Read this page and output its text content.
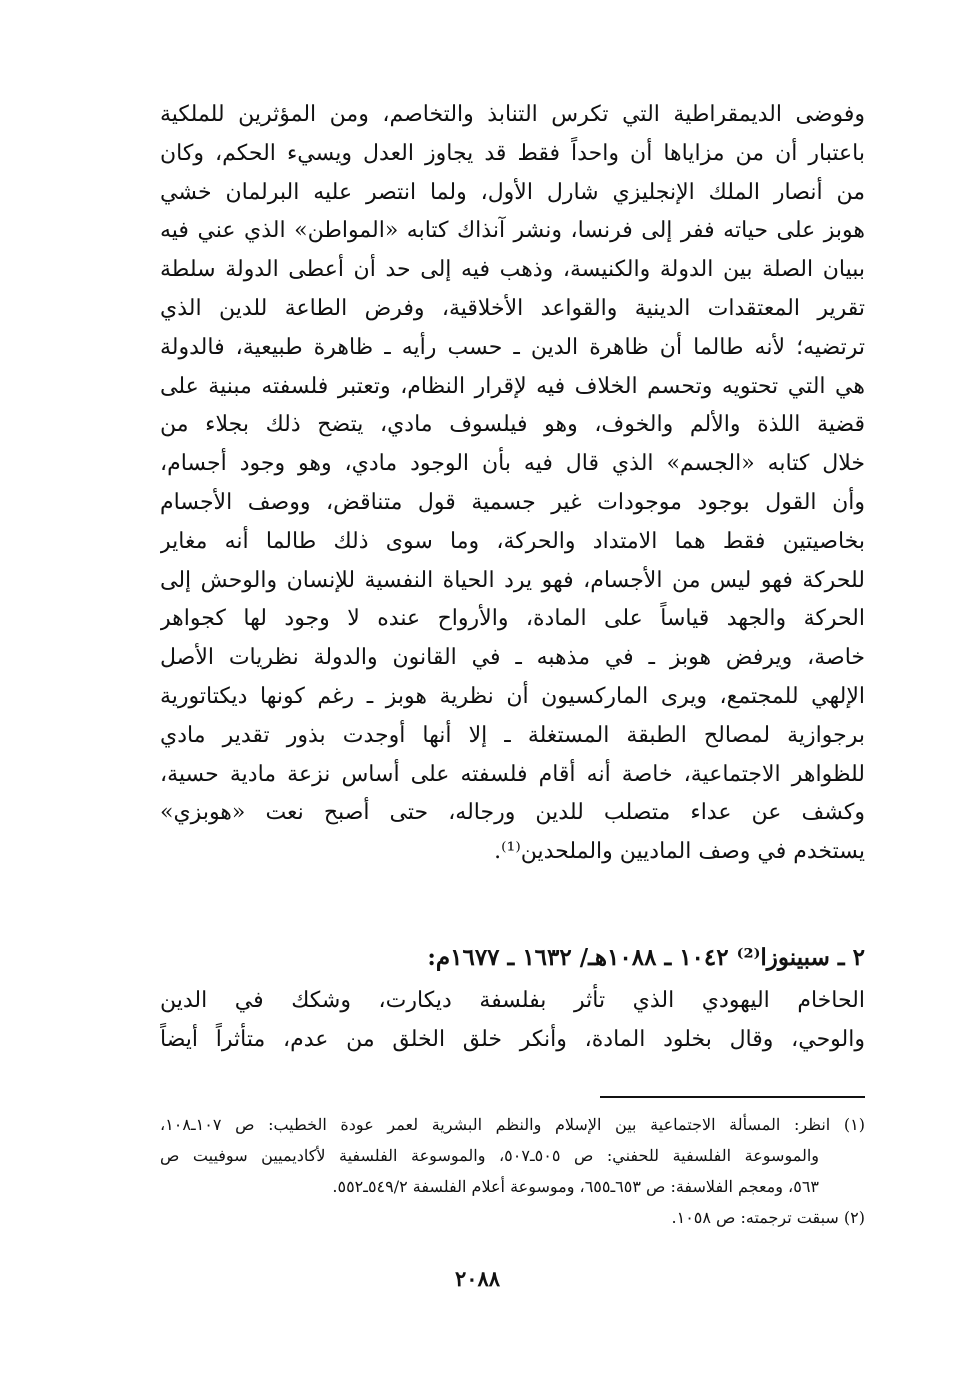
وفوضى الديمقراطية التي تكرس التنابذ والتخاصم، ومن المؤثرين للملكية
باعتبار أن من مزاياها أن واحداً فقط قد يجاوز العدل ويسيء الحكم، وكان
من أنصار الملك الإنجليزي شارل الأول، ولما انتصر عليه البرلمان خشي
هوبز على حياته ففر إلى فرنسا، ونشر آنذاك كتابه «المواطن» الذي عني فيه
ببيان الصلة بين الدولة والكنيسة، وذهب فيه إلى حد أن أعطى الدولة سلطة
تقرير المعتقدات الدينية والقواعد الأخلاقية، وفرض الطاعة للدين الذي
ترتضيه؛ لأنه طالما أن ظاهرة الدين ـ حسب رأيه ـ ظاهرة طبيعية، فالدولة
هي التي تحتويه وتحسم الخلاف فيه لإقرار النظام، وتعتبر فلسفته مبنية على
قضية اللذة والألم والخوف، وهو فيلسوف مادي، يتضح ذلك بجلاء من
خلال كتابه «الجسم» الذي قال فيه بأن الوجود مادي، وهو وجود أجسام،
وأن القول بوجود موجودات غير جسمية قول متناقض، ووصف الأجسام
بخاصيتين فقط هما الامتداد والحركة، وما سوى ذلك طالما أنه مغاير
للحركة فهو ليس من الأجسام، فهو يرد الحياة النفسية للإنسان والوحش إلى
الحركة والجهد قياساً على المادة، والأرواح عنده لا وجود لها كجواهر
خاصة، ويرفض هوبز ـ في مذهبه ـ في القانون والدولة نظريات الأصل
الإلهي للمجتمع، ويرى الماركسيون أن نظرية هوبز ـ رغم كونها ديكتاتورية
برجوازية لمصالح الطبقة المستغلة ـ إلا أنها أوجدت بذور تقدير مادي
للظواهر الاجتماعية، خاصة أنه أقام فلسفته على أساس نزعة مادية حسية،
وكشف عن عداء متصلب للدين ورجاله، حتى أصبح نعت «هوبزي»
يستخدم في وصف الماديين والملحدين⁽¹⁾.
٢ ـ سبينوزا⁽²⁾ ١٠٤٢ ـ ١٠٨٨هـ/ ١٦٣٢ ـ ١٦٧٧م:
الحاخام اليهودي الذي تأثر بفلسفة ديكارت، وشكك في الدين
والوحي، وقال بخلود المادة، وأنكر خلق الخلق من عدم، متأثراً أيضاً
(١) انظر: المسألة الاجتماعية بين الإسلام والنظم البشرية لعمر عودة الخطيب: ص ١٠٧ـ١٠٨،
والموسوعة الفلسفية للحفني: ص ٥٠٥ـ٥٠٧، والموسوعة الفلسفية لأكاديميين سوفييت ص
٥٦٣، ومعجم الفلاسفة: ص ٦٥٣ـ٦٥٥، وموسوعة أعلام الفلسفة ٥٤٩/٢ـ٥٥٢.
(٢) سبقت ترجمته: ص ١٠٥٨.
٢٠٨٨
